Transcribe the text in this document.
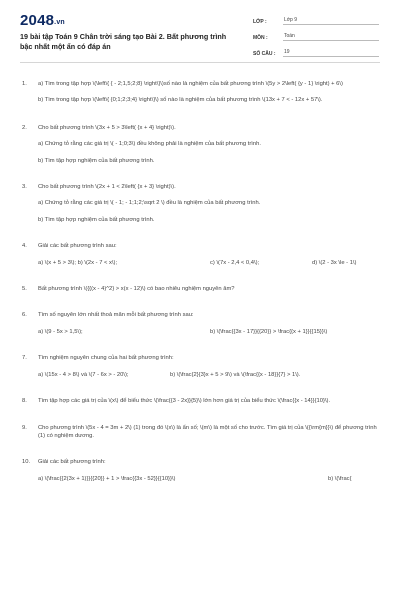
2048.vn
19 bài tập Toán 9 Chân trời sáng tạo Bài 2. Bất phương trình bậc nhất một ẩn có đáp án
LỚP :	Lớp 9
MÔN :	Toán
SỐ CÂU :	19
1. a) Tìm trong tập hợp \(\left\{ { - 2;1,5;2;8} \right\}\)số nào là nghiệm của bất phương trình \(5y > 2\left( {y - 1} \right) + 6\)

b) Tìm trong tập hợp \(\left\{ {0;1;2;3;4} \right\}\) số nào là nghiệm của bất phương trình \(13x + 7 < - 12x + 57\).

2. Cho bất phương trình \(3x + 5 > 3\left( {x + 4} \right)\).

a) Chứng tỏ rằng các giá trị \( - 1;0;3\) đều không phải là nghiệm của bất phương trình.

b) Tìm tập hợp nghiệm của bất phương trình.

3. Cho bất phương trình \(2x + 1 < 2\left( {x + 3} \right)\).

a) Chứng tỏ rằng các giá trị \( - 1; - 1;1;2;\sqrt 2 \) đều là nghiệm của bất phương trình.

b) Tìm tập hợp nghiệm của bất phương trình.

4. Giải các bất phương trình sau:

a) \(x + 5 > 3\); b) \(2x - 7 < x\);	c) \(7x - 2,4 < 0,4\);	d) \(2 - 3x \le - 1\)
5. Bất phương trình \({{(x - 4)^2} > x(x - 12)\) có bao nhiêu nghiệm nguyên âm?

6. Tìm số nguyên lớn nhất thoả mãn mỗi bất phương trình sau:

a) \(9 - 5x > 1,5\);	b) \(\frac{{3x - 17}}{{20}} > \frac{{x + 1}}{{15}}\)
7. Tìm nghiệm nguyên chung của hai bất phương trình:

a) \(15x - 4 > 8\) và \(7 - 6x > - 20\);	b) \(\frac{2}{3}x + 5 > 9\) và \(\frac{{x - 18}}{7} > 1\).
8. Tìm tập hợp các giá trị của \(x\) để biểu thức \(\frac{{3 - 2x}}{5}\) lớn hơn giá trị của biểu thức \(\frac{{x - 14}}{10}\).

9. Cho phương trình \(5x - 4 = 3m + 2\) (1) trong đó \(x\) là ẩn số; \(m\) là một số cho trước. Tìm giá trị của \({\rm{m}}\) để phương trình (1) có nghiệm dương.

10. Giải các bất phương trình:

a) \(\frac{{2(3x + 1)}}{{20}} + 1 > \frac{{3x - 52}}{{10}}\)	b) \(\frac{
